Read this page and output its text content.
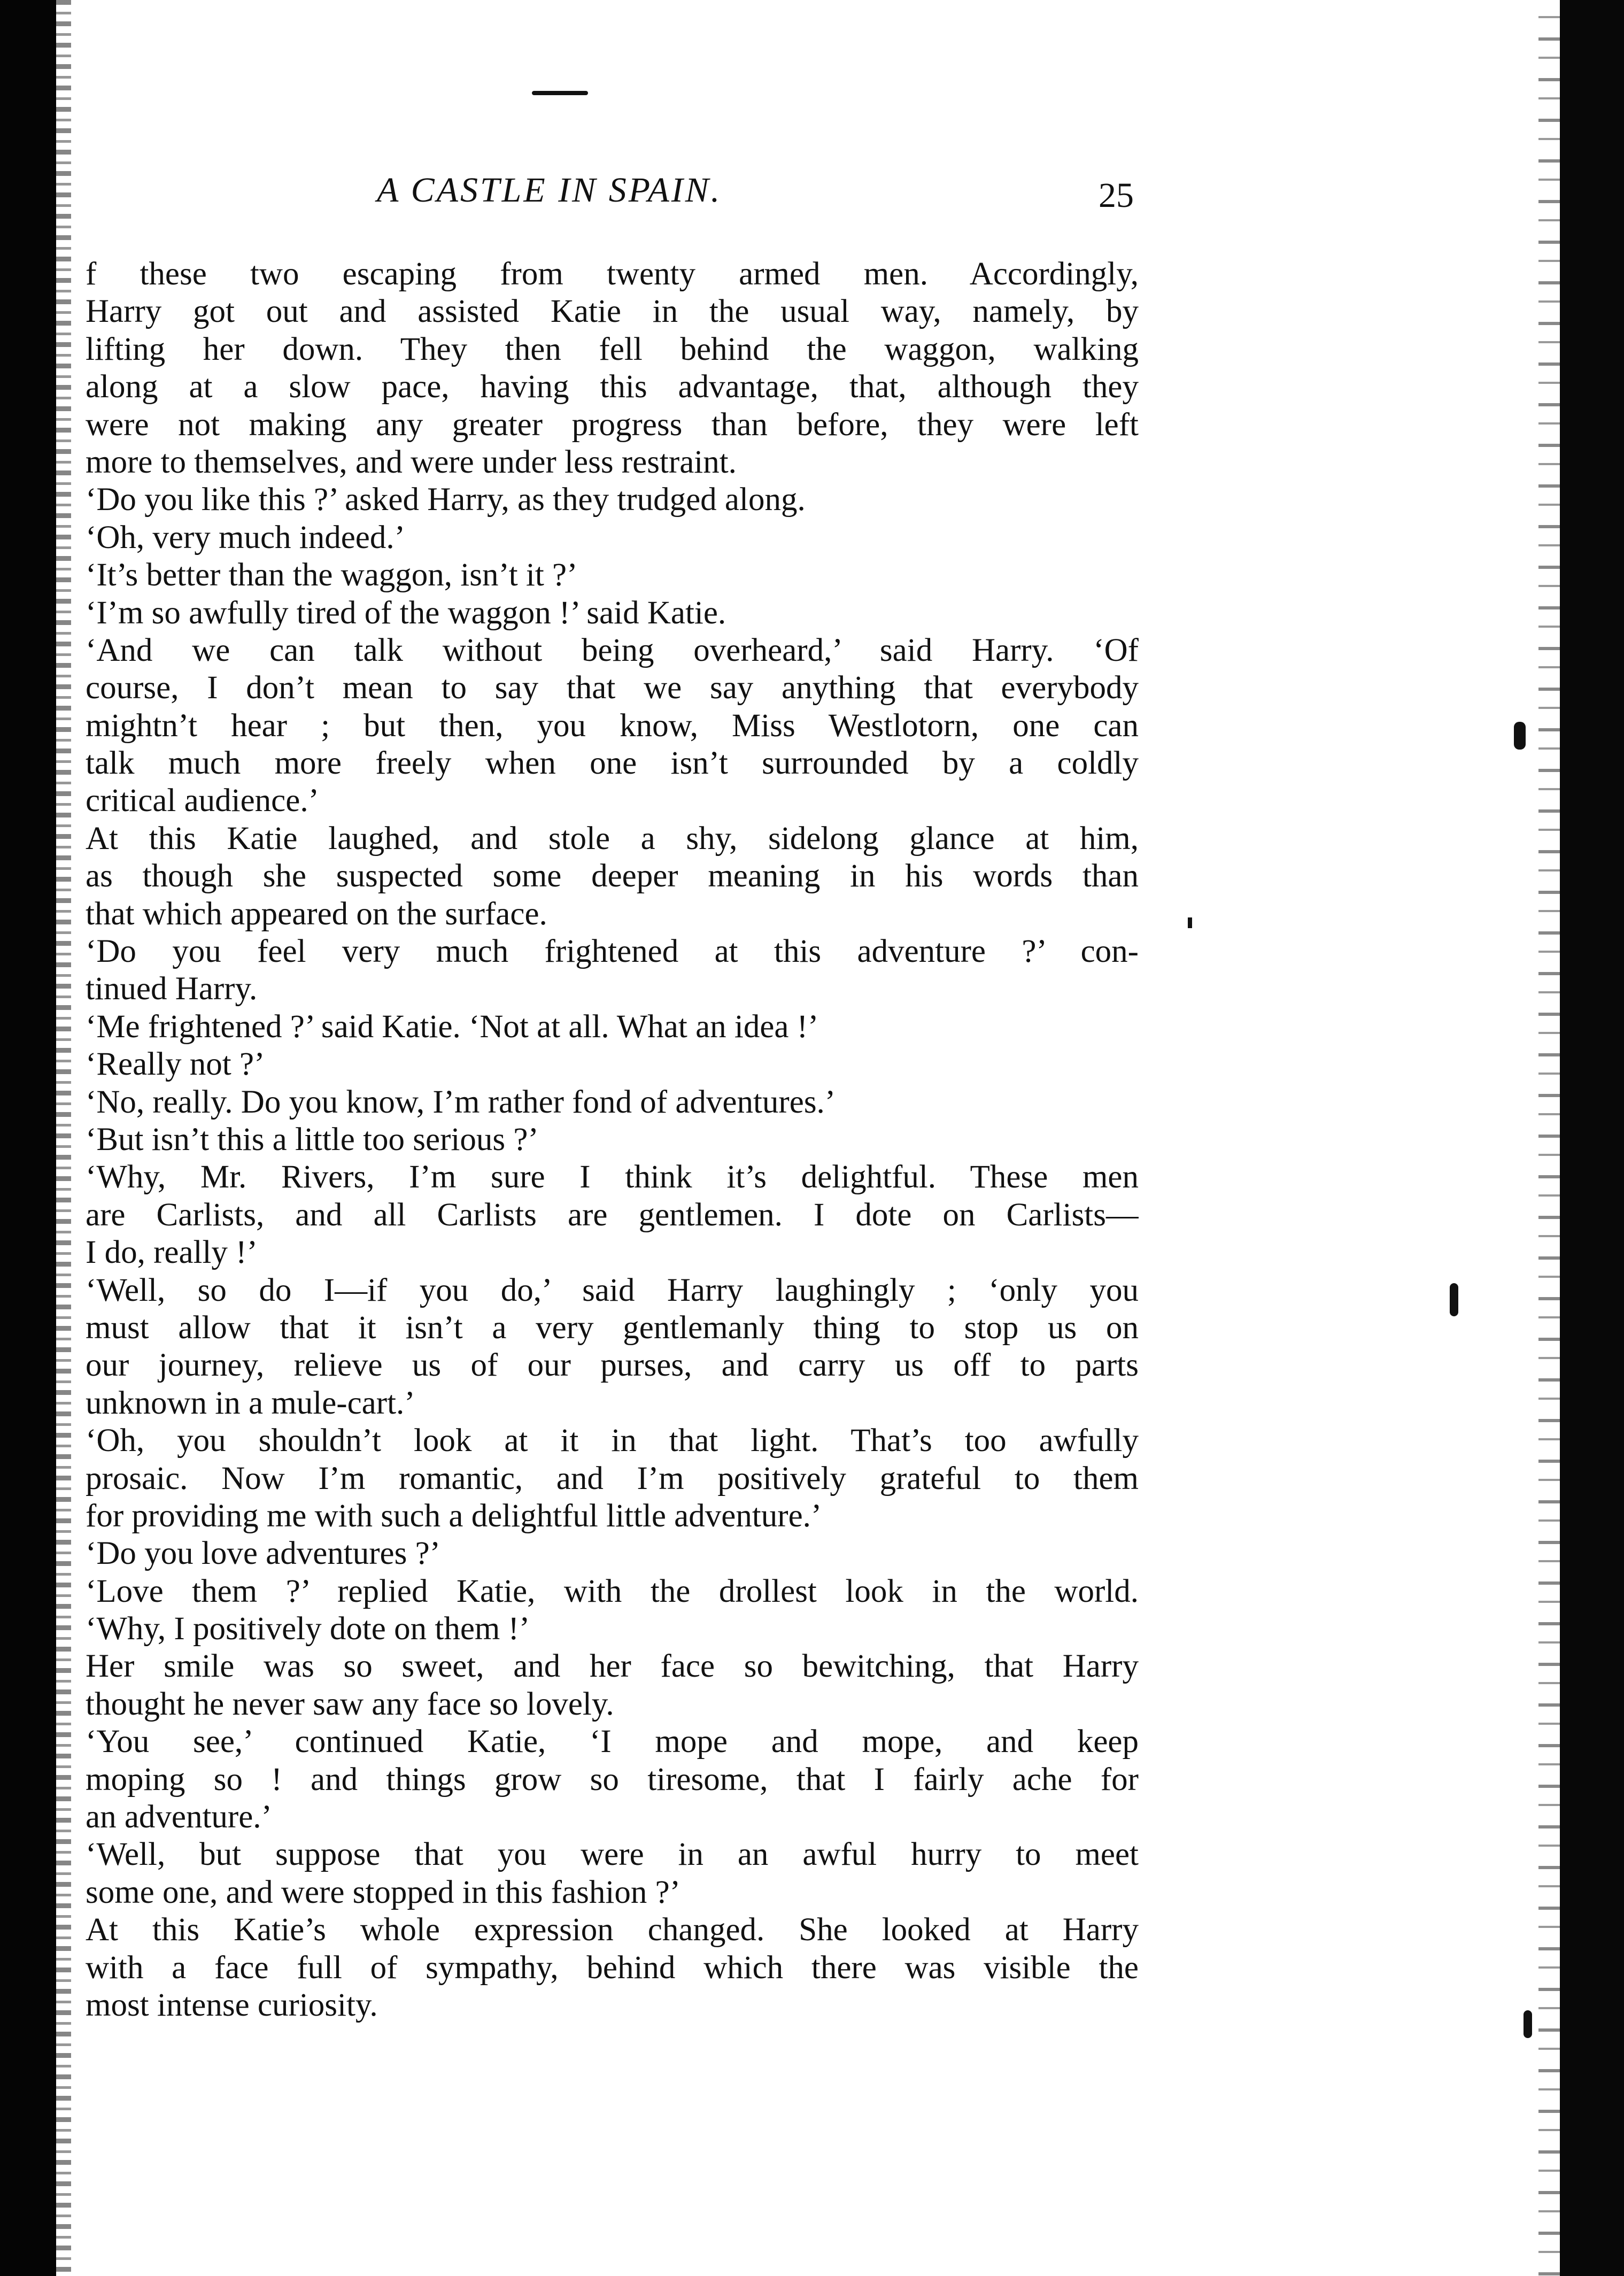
A CASTLE IN SPAIN.	25
f these two escaping from twenty armed men. Accordingly,
Harry got out and assisted Katie in the usual way, namely, by
lifting her down. They then fell behind the waggon, walking
along at a slow pace, having this advantage, that, although they
were not making any greater progress than before, they were left
more to themselves, and were under less restraint.
‘Do you like this ?’ asked Harry, as they trudged along.
‘Oh, very much indeed.’
‘It’s better than the waggon, isn’t it ?’
‘I’m so awfully tired of the waggon !’ said Katie.
‘And we can talk without being overheard,’ said Harry. ‘Of
course, I don’t mean to say that we say anything that everybody
mightn’t hear ; but then, you know, Miss Westlotorn, one can
talk much more freely when one isn’t surrounded by a coldly
critical audience.’
At this Katie laughed, and stole a shy, sidelong glance at him,
as though she suspected some deeper meaning in his words than
that which appeared on the surface.
‘Do you feel very much frightened at this adventure ?’ con-
tinued Harry.
‘Me frightened ?’ said Katie. ‘Not at all. What an idea !’
‘Really not ?’
‘No, really. Do you know, I’m rather fond of adventures.’
‘But isn’t this a little too serious ?’
‘Why, Mr. Rivers, I’m sure I think it’s delightful. These men
are Carlists, and all Carlists are gentlemen. I dote on Carlists—
I do, really !’
‘Well, so do I—if you do,’ said Harry laughingly ; ‘only you
must allow that it isn’t a very gentlemanly thing to stop us on
our journey, relieve us of our purses, and carry us off to parts
unknown in a mule-cart.’
‘Oh, you shouldn’t look at it in that light. That’s too awfully
prosaic. Now I’m romantic, and I’m positively grateful to them
for providing me with such a delightful little adventure.’
‘Do you love adventures ?’
‘Love them ?’ replied Katie, with the drollest look in the world.
‘Why, I positively dote on them !’
Her smile was so sweet, and her face so bewitching, that Harry
thought he never saw any face so lovely.
‘You see,’ continued Katie, ‘I mope and mope, and keep
moping so ! and things grow so tiresome, that I fairly ache for
an adventure.’
‘Well, but suppose that you were in an awful hurry to meet
some one, and were stopped in this fashion ?’
At this Katie’s whole expression changed. She looked at Harry
with a face full of sympathy, behind which there was visible the
most intense curiosity.
